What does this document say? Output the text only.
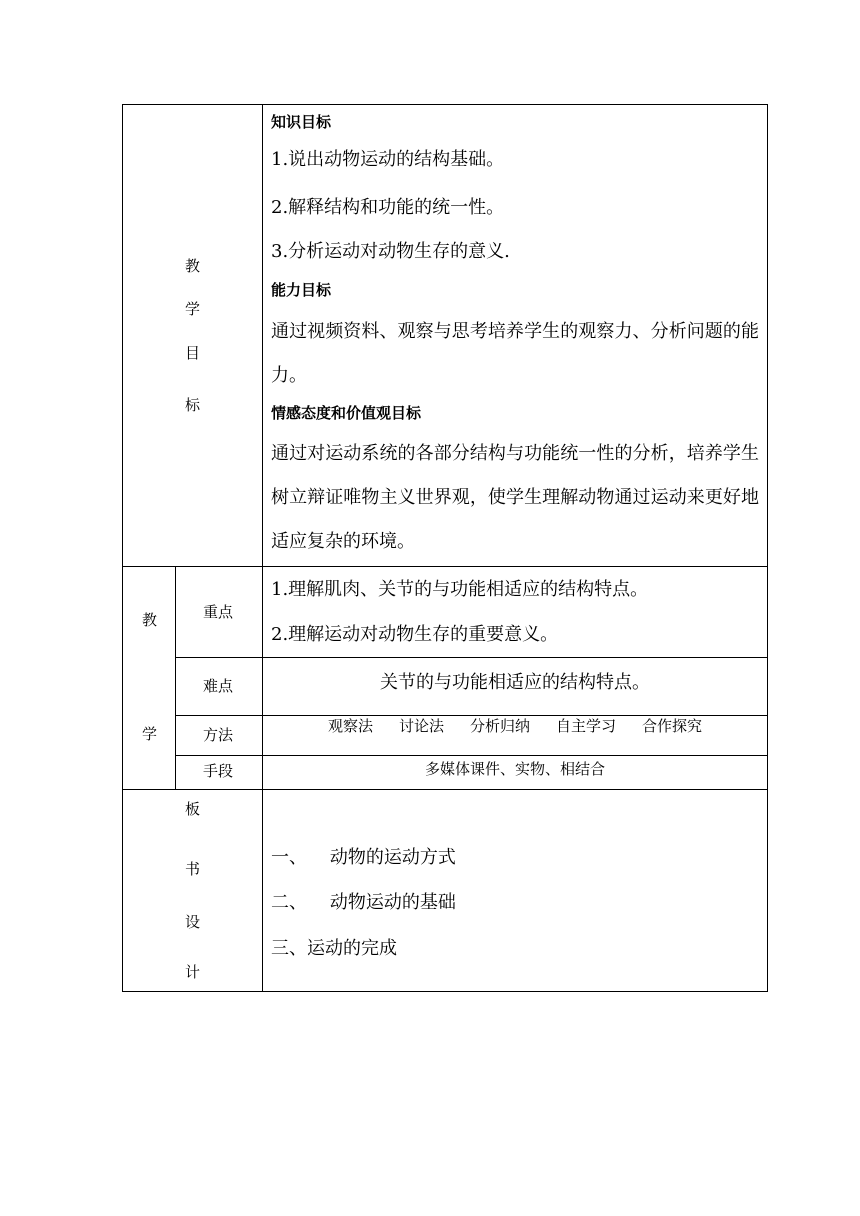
教
学
目
标
知识目标
1.说出动物运动的结构基础。
2.解释结构和功能的统一性。
3.分析运动对动物生存的意义.
能力目标
通过视频资料、观察与思考培养学生的观察力、分析问题的能力。
情感态度和价值观目标
通过对运动系统的各部分结构与功能统一性的分析，培养学生树立辩证唯物主义世界观，使学生理解动物通过运动来更好地适应复杂的环境。
教
学
重点
难点
方法
手段
1.理解肌肉、关节的与功能相适应的结构特点。
2.理解运动对动物生存的重要意义。
关节的与功能相适应的结构特点。
观察法 讨论法 分析归纳 自主学习 合作探究
多媒体课件、实物、相结合
板
书
设
计
一、    动物的运动方式
二、    动物运动的基础
三、运动的完成
